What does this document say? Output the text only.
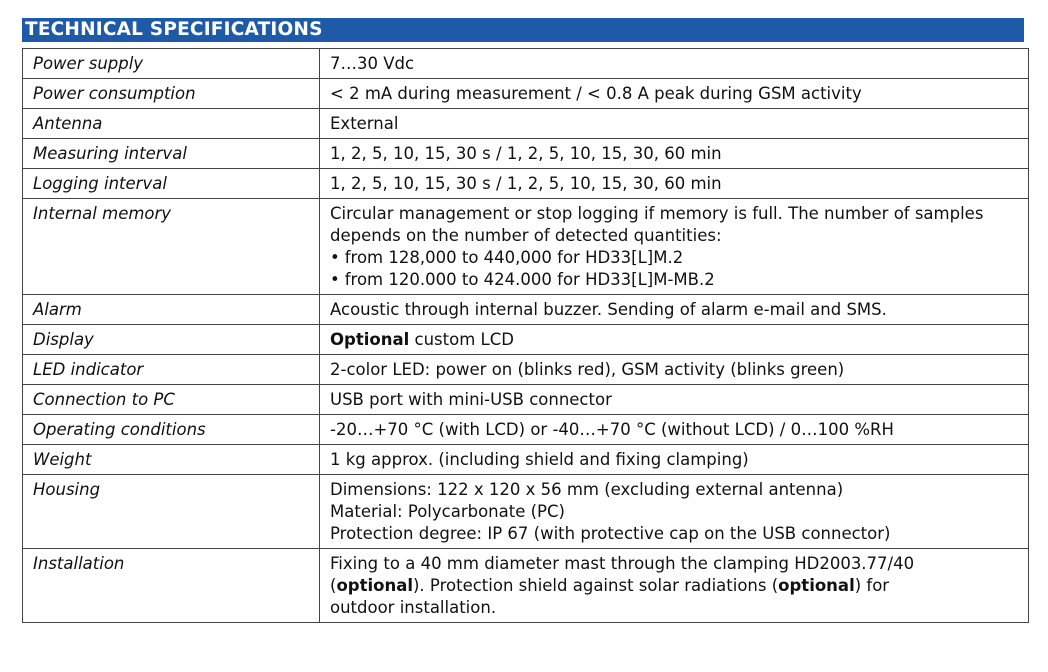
TECHNICAL SPECIFICATIONS
Power supply	7…30 Vdc

Power consumption	< 2 mA during measurement / < 0.8 A peak during GSM activity

Antenna	External

Measuring interval	1, 2, 5, 10, 15, 30 s / 1, 2, 5, 10, 15, 30, 60 min

Logging interval	1, 2, 5, 10, 15, 30 s / 1, 2, 5, 10, 15, 30, 60 min

Internal memory	Circular management or stop logging if memory is full. The number of samples
depends on the number of detected quantities:
• from 128,000 to 440,000 for HD33[L]M.2
• from 120.000 to 424.000 for HD33[L]M-MB.2

Alarm	Acoustic through internal buzzer. Sending of alarm e-mail and SMS.

Display	Optional custom LCD

LED indicator	2-color LED: power on (blinks red), GSM activity (blinks green)

Connection to PC	USB port with mini-USB connector

Operating conditions	-20…+70 °C (with LCD) or -40…+70 °C (without LCD) / 0…100 %RH

Weight	1 kg approx. (including shield and fixing clamping)

Housing	Dimensions: 122 x 120 x 56 mm (excluding external antenna)
Material: Polycarbonate (PC)
Protection degree: IP 67 (with protective cap on the USB connector)

Installation	Fixing to a 40 mm diameter mast through the clamping HD2003.77/40
(optional). Protection shield against solar radiations (optional) for
outdoor installation.
